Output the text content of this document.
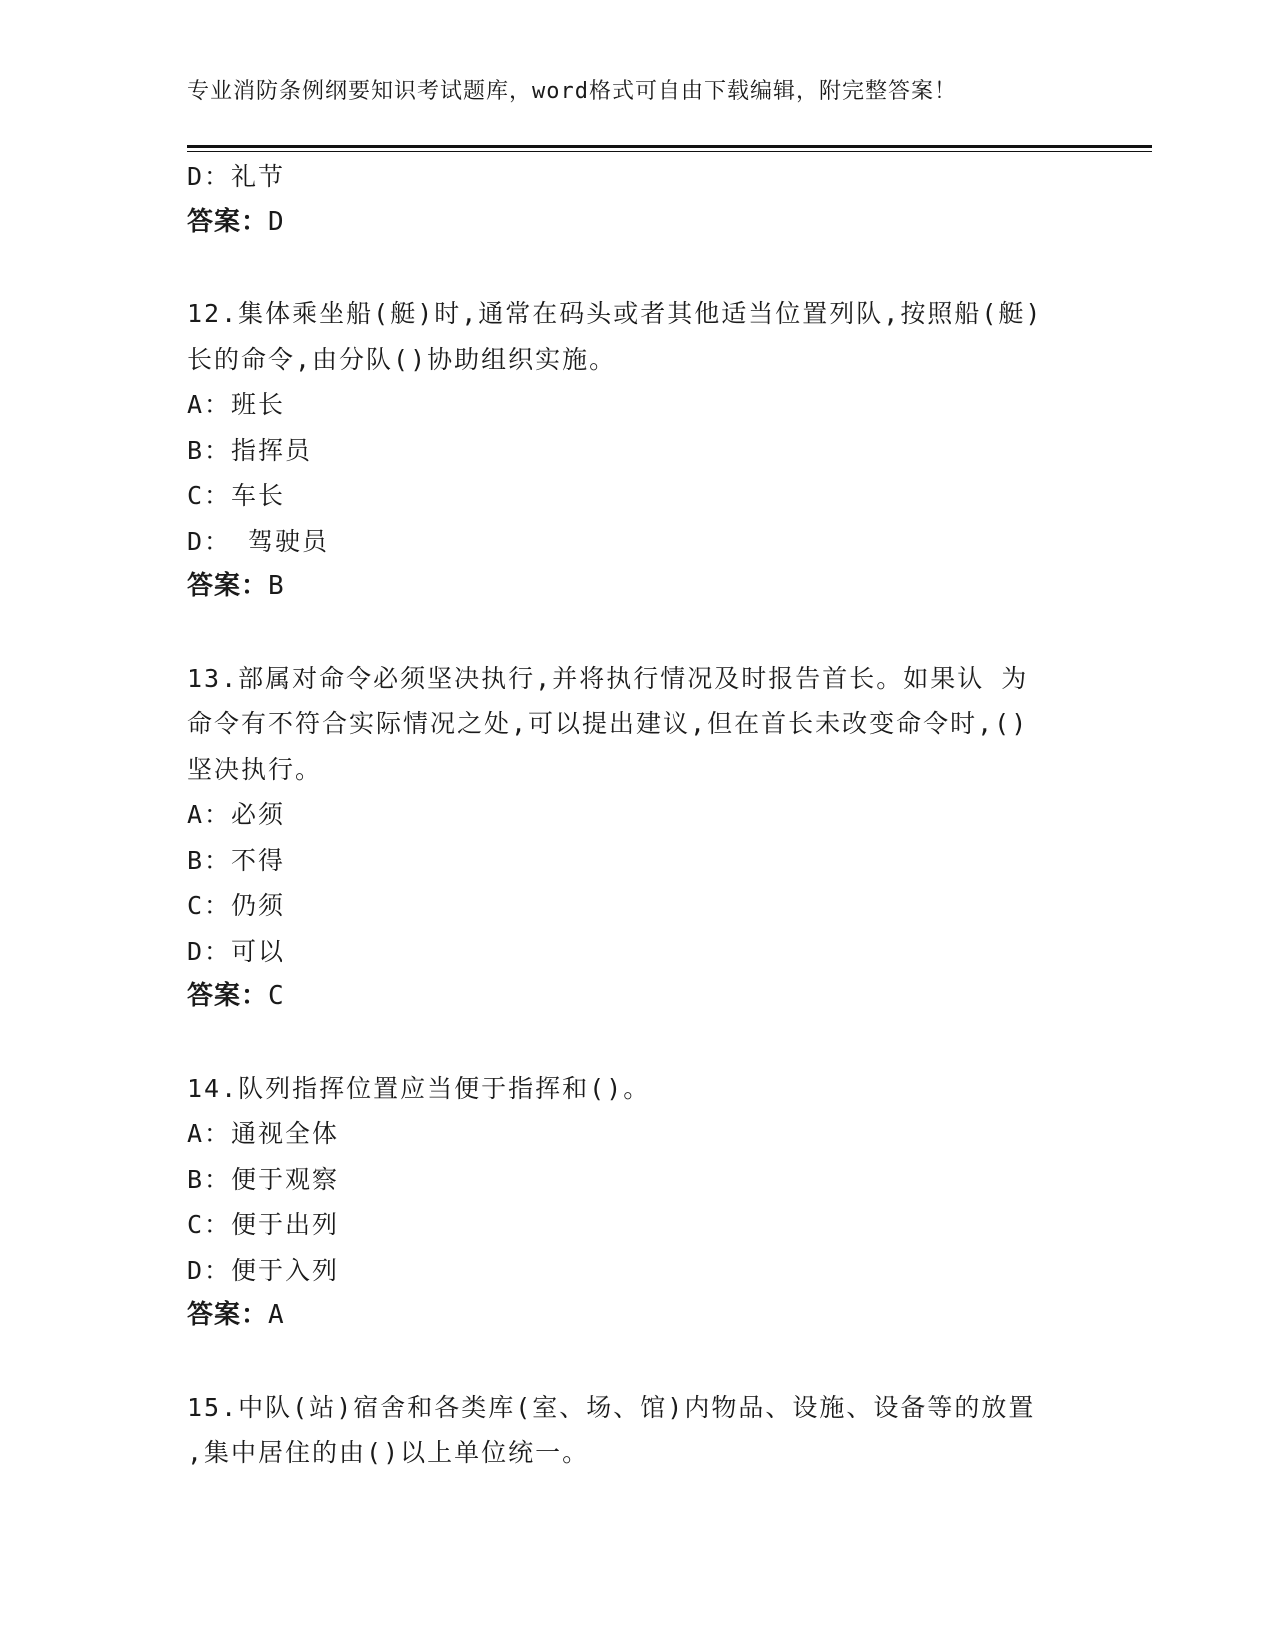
专业消防条例纲要知识考试题库，word格式可自由下载编辑，附完整答案！
D：礼节
答案：D
12.集体乘坐船(艇)时,通常在码头或者其他适当位置列队,按照船(艇)
长的命令,由分队()协助组织实施。
A：班长
B：指挥员
C：车长
D： 驾驶员
答案：B
13.部属对命令必须坚决执行,并将执行情况及时报告首长。如果认 为
命令有不符合实际情况之处,可以提出建议,但在首长未改变命令时,()
坚决执行。
A：必须
B：不得
C：仍须
D：可以
答案：C
14.队列指挥位置应当便于指挥和()。
A：通视全体
B：便于观察
C：便于出列
D：便于入列
答案：A
15.中队(站)宿舍和各类库(室、场、馆)内物品、设施、设备等的放置
,集中居住的由()以上单位统一。
